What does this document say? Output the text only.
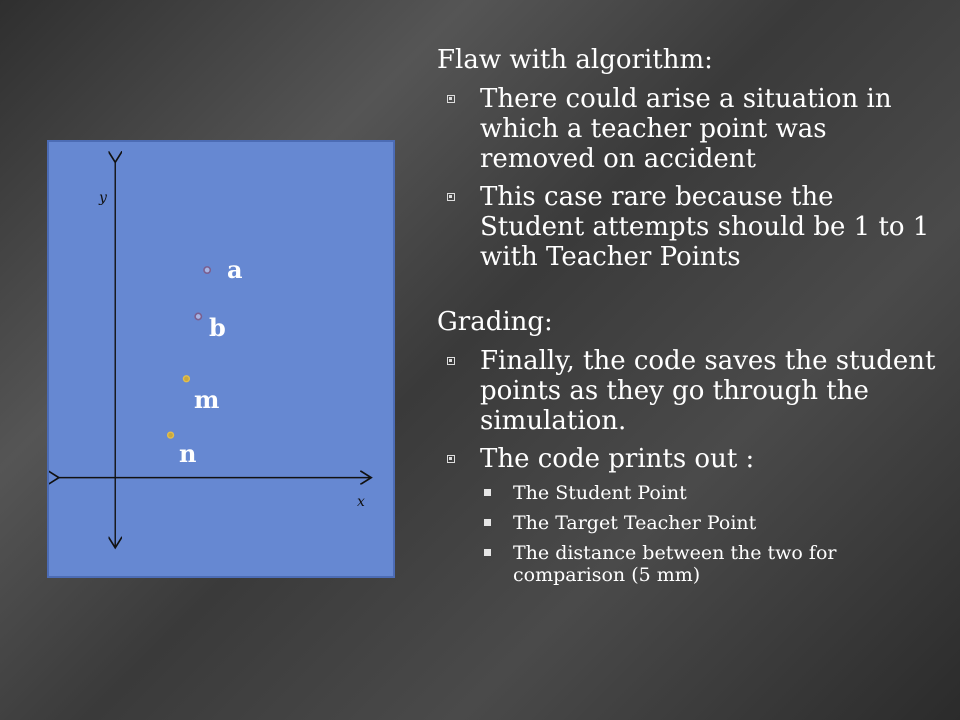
y
x
a
b
m
n

Flaw with algorithm:

There could arise a situation in which a teacher point was removed on accident
This case rare because the Student attempts should be 1 to 1 with Teacher Points

Grading:

Finally, the code saves the student points as they go through the simulation.
The code prints out :
The Student Point
The Target Teacher Point
The distance between the two for comparison (5 mm)
